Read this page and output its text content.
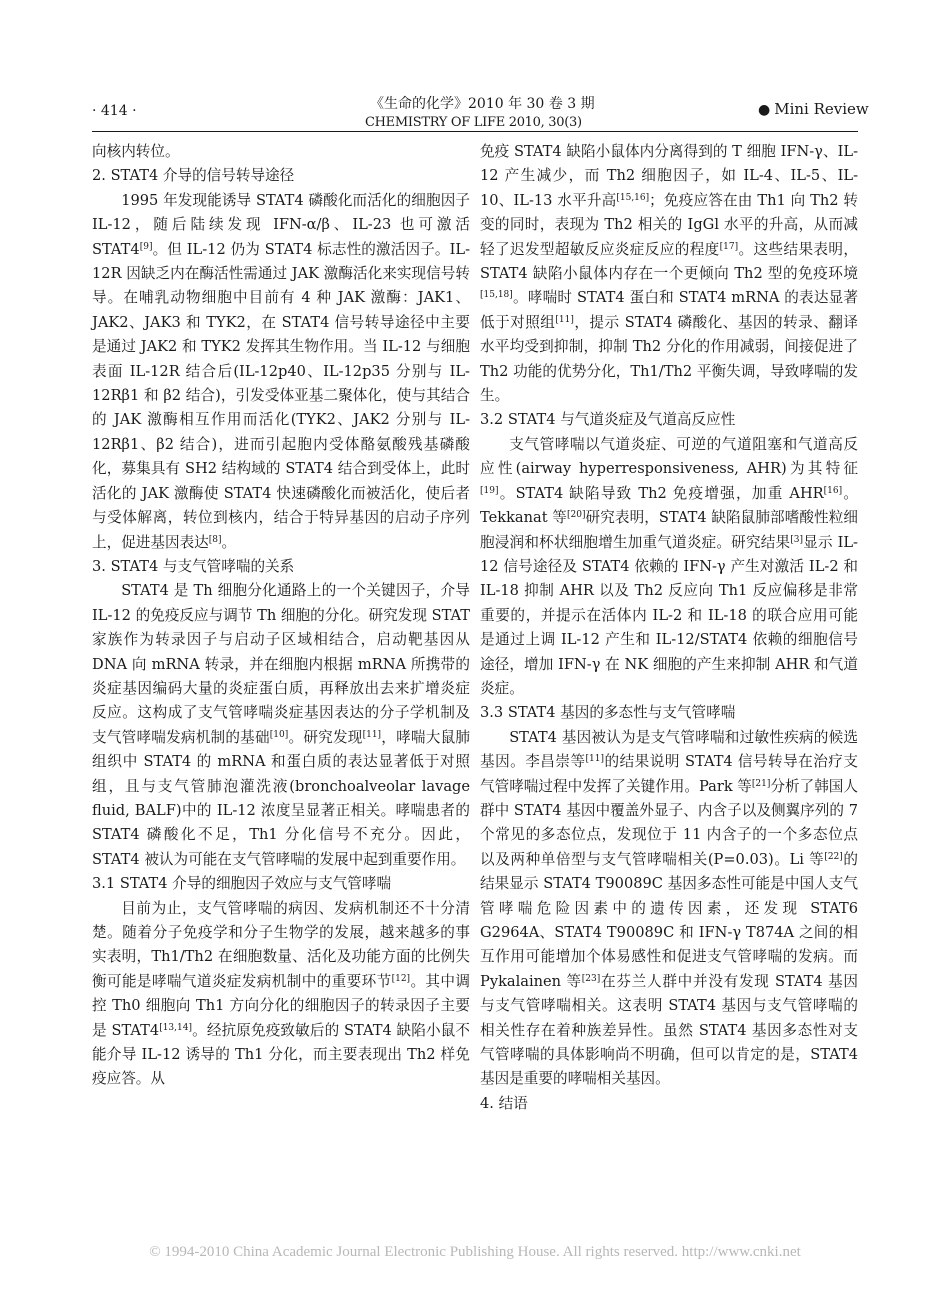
· 414 ·	《生命的化学》2010 年 30 卷 3 期
CHEMISTRY OF LIFE 2010, 30(3)
● Mini Review

向核内转位。

2. STAT4 介导的信号转导途径

1995 年发现能诱导 STAT4 磷酸化而活化的细胞因子 IL-12，随后陆续发现 IFN-α/β、IL-23 也可激活 STAT4[9]。但 IL-12 仍为 STAT4 标志性的激活因子。IL-12R 因缺乏内在酶活性需通过 JAK 激酶活化来实现信号转导。在哺乳动物细胞中目前有 4 种 JAK 激酶：JAK1、JAK2、JAK3 和 TYK2，在 STAT4 信号转导途径中主要是通过 JAK2 和 TYK2 发挥其生物作用。当 IL-12 与细胞表面 IL-12R 结合后(IL-12p40、IL-12p35 分别与 IL-12Rβ1 和 β2 结合)，引发受体亚基二聚体化，使与其结合的 JAK 激酶相互作用而活化(TYK2、JAK2 分别与 IL-12Rβ1、β2 结合)，进而引起胞内受体酪氨酸残基磷酸化，募集具有 SH2 结构域的 STAT4 结合到受体上，此时活化的 JAK 激酶使 STAT4 快速磷酸化而被活化，使后者与受体解离，转位到核内，结合于特异基因的启动子序列上，促进基因表达[8]。

3. STAT4 与支气管哮喘的关系

STAT4 是 Th 细胞分化通路上的一个关键因子，介导 IL-12 的免疫反应与调节 Th 细胞的分化。研究发现 STAT 家族作为转录因子与启动子区域相结合，启动靶基因从 DNA 向 mRNA 转录，并在细胞内根据 mRNA 所携带的炎症基因编码大量的炎症蛋白质，再释放出去来扩增炎症反应。这构成了支气管哮喘炎症基因表达的分子学机制及支气管哮喘发病机制的基础[10]。研究发现[11]，哮喘大鼠肺组织中 STAT4 的 mRNA 和蛋白质的表达显著低于对照组，且与支气管肺泡灌洗液(bronchoalveolar lavage fluid, BALF)中的 IL-12 浓度呈显著正相关。哮喘患者的 STAT4 磷酸化不足，Th1 分化信号不充分。因此，STAT4 被认为可能在支气管哮喘的发展中起到重要作用。

3.1 STAT4 介导的细胞因子效应与支气管哮喘

目前为止，支气管哮喘的病因、发病机制还不十分清楚。随着分子免疫学和分子生物学的发展，越来越多的事实表明，Th1/Th2 在细胞数量、活化及功能方面的比例失衡可能是哮喘气道炎症发病机制中的重要环节[12]。其中调控 Th0 细胞向 Th1 方向分化的细胞因子的转录因子主要是 STAT4[13,14]。经抗原免疫致敏后的 STAT4 缺陷小鼠不能介导 IL-12 诱导的 Th1 分化，而主要表现出 Th2 样免疫应答。从

免疫 STAT4 缺陷小鼠体内分离得到的 T 细胞 IFN-γ、IL-12 产生减少，而 Th2 细胞因子，如 IL-4、IL-5、IL-10、IL-13 水平升高[15,16]；免疫应答在由 Th1 向 Th2 转变的同时，表现为 Th2 相关的 IgGl 水平的升高，从而减轻了迟发型超敏反应炎症反应的程度[17]。这些结果表明，STAT4 缺陷小鼠体内存在一个更倾向 Th2 型的免疫环境[15,18]。哮喘时 STAT4 蛋白和 STAT4 mRNA 的表达显著低于对照组[11]，提示 STAT4 磷酸化、基因的转录、翻译水平均受到抑制，抑制 Th2 分化的作用减弱，间接促进了 Th2 功能的优势分化，Th1/Th2 平衡失调，导致哮喘的发生。

3.2 STAT4 与气道炎症及气道高反应性

支气管哮喘以气道炎症、可逆的气道阻塞和气道高反应性(airway hyperresponsiveness, AHR)为其特征[19]。STAT4 缺陷导致 Th2 免疫增强，加重 AHR[16]。Tekkanat 等[20]研究表明，STAT4 缺陷鼠肺部嗜酸性粒细胞浸润和杯状细胞增生加重气道炎症。研究结果[3]显示 IL-12 信号途径及 STAT4 依赖的 IFN-γ 产生对激活 IL-2 和 IL-18 抑制 AHR 以及 Th2 反应向 Th1 反应偏移是非常重要的，并提示在活体内 IL-2 和 IL-18 的联合应用可能是通过上调 IL-12 产生和 IL-12/STAT4 依赖的细胞信号途径，增加 IFN-γ 在 NK 细胞的产生来抑制 AHR 和气道炎症。

3.3 STAT4 基因的多态性与支气管哮喘

STAT4 基因被认为是支气管哮喘和过敏性疾病的候选基因。李昌崇等[11]的结果说明 STAT4 信号转导在治疗支气管哮喘过程中发挥了关键作用。Park 等[21]分析了韩国人群中 STAT4 基因中覆盖外显子、内含子以及侧翼序列的 7 个常见的多态位点，发现位于 11 内含子的一个多态位点以及两种单倍型与支气管哮喘相关(P=0.03)。Li 等[22]的结果显示 STAT4 T90089C 基因多态性可能是中国人支气管哮喘危险因素中的遗传因素，还发现 STAT6 G2964A、STAT4 T90089C 和 IFN-γ T874A 之间的相互作用可能增加个体易感性和促进支气管哮喘的发病。而 Pykalainen 等[23]在芬兰人群中并没有发现 STAT4 基因与支气管哮喘相关。这表明 STAT4 基因与支气管哮喘的相关性存在着种族差异性。虽然 STAT4 基因多态性对支气管哮喘的具体影响尚不明确，但可以肯定的是，STAT4 基因是重要的哮喘相关基因。

4. 结语
© 1994-2010 China Academic Journal Electronic Publishing House. All rights reserved. http://www.cnki.net
